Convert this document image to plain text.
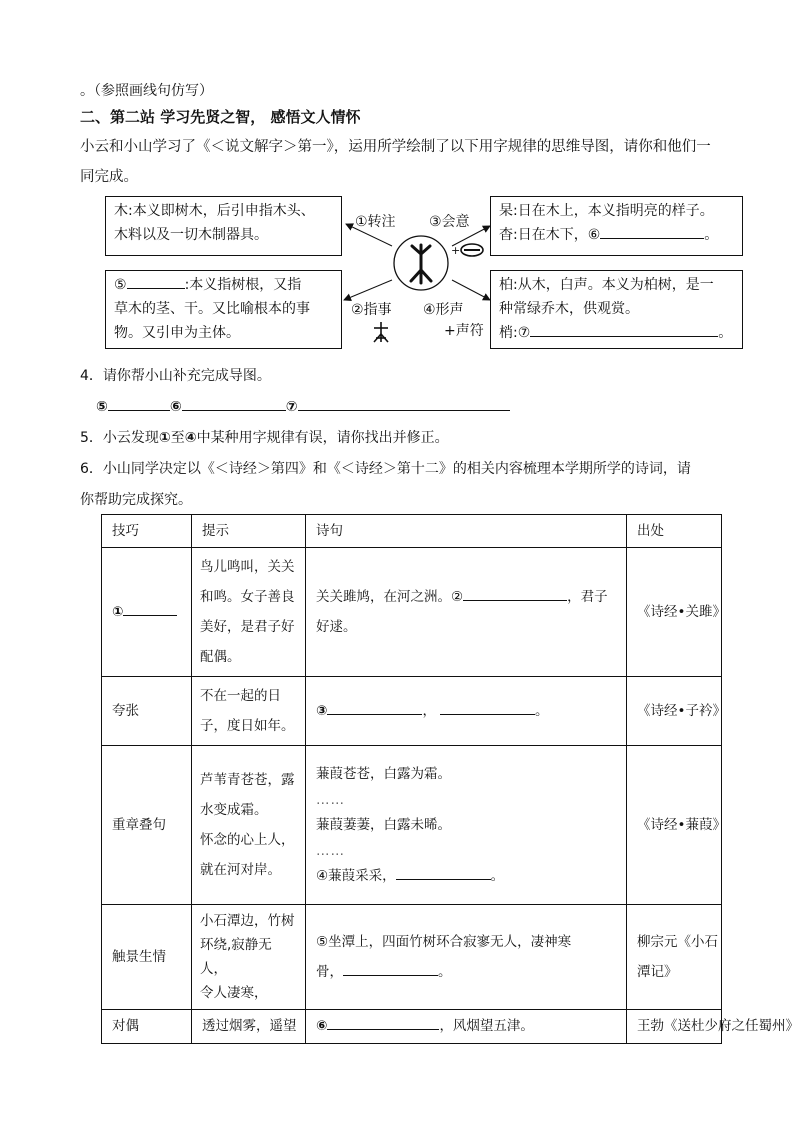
。（参照画线句仿写）
二、第二站 学习先贤之智， 感悟文人情怀
小云和小山学习了《＜说文解字＞第一》，运用所学绘制了以下用字规律的思维导图，请你和他们一
同完成。
木:本义即树木，后引申指木头、
木料以及一切木制器具。
杲:日在木上，本义指明亮的样子。
杳:日在木下，⑥	。
⑤	:本义指树根，又指
草木的茎、干。又比喻根本的事
物。又引申为主体。
柏:从木，白声。本义为柏树，是一
种常绿乔木，供观赏。
梢:⑦	。
①转注 ③会意
+
②指事 ④形声
+声符
4．请你帮小山补充完成导图。
⑤	⑥	⑦
5．小云发现①至④中某种用字规律有误，请你找出并修正。
6．小山同学决定以《＜诗经＞第四》和《＜诗经＞第十二》的相关内容梳理本学期所学的诗词，请
你帮助完成探究。
技巧	提示	诗句	出处
①	鸟儿鸣叫，关关
和鸣。女子善良
美好，是君子好
配偶。	关关雎鸠，在河之洲。② ，君子
好逑。	《诗经•关雎》
夸张	不在一起的日
子，度日如年。	③ ， 。	《诗经•子衿》
重章叠句	芦苇青苍苍，露
水变成霜。
怀念的心上人，
就在河对岸。	蒹葭苍苍，白露为霜。
……
蒹葭萋萋，白露未晞。
……
④蒹葭采采， 。	《诗经•蒹葭》
触景生情	小石潭边，竹树
环绕,寂静无人，
令人凄寒，	⑤坐潭上，四面竹树环合寂寥无人，凄神寒
骨， 。	柳宗元《小石
潭记》

对偶	透过烟雾，遥望	⑥ ，风烟望五津。	王勃《送杜少府之任蜀州》
